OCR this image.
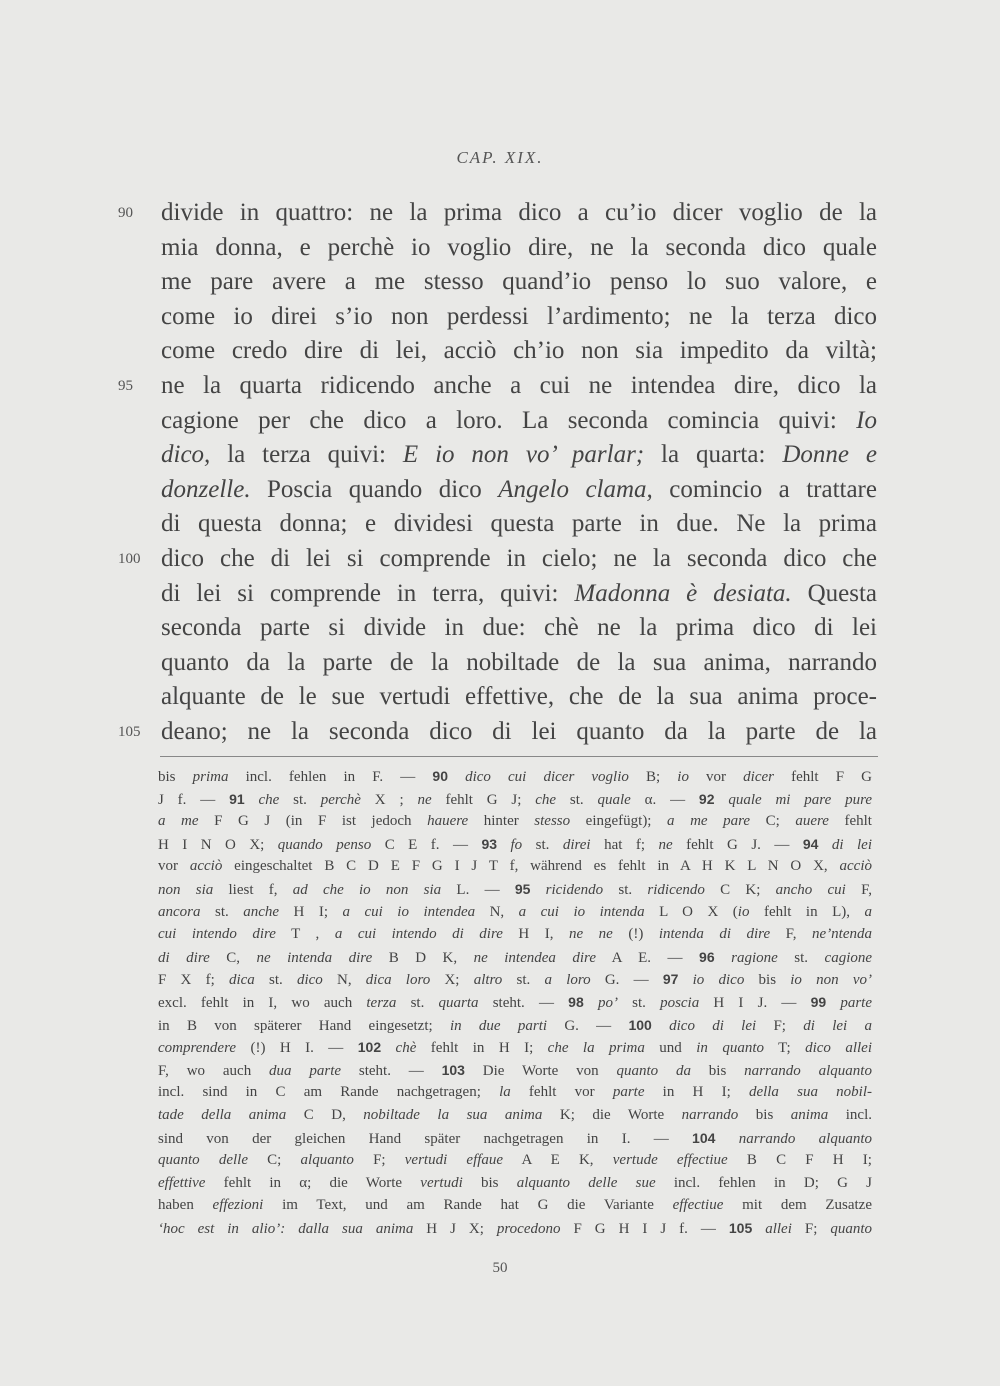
CAP. XIX.
divide in quattro: ne la prima dico a cu’io dicer voglio de la
mia donna, e perchè io voglio dire, ne la seconda dico quale
me pare avere a me stesso quand’io penso lo suo valore, e
come io direi s’io non perdessi l’ardimento; ne la terza dico
come credo dire di lei, acciò ch’io non sia impedito da viltà;
ne la quarta ridicendo anche a cui ne intendea dire, dico la
cagione per che dico a loro. La seconda comincia quivi: Io
dico, la terza quivi: E io non vo’ parlar; la quarta: Donne e
donzelle. Poscia quando dico Angelo clama, comincio a trattare
di questa donna; e dividesi questa parte in due. Ne la prima
dico che di lei si comprende in cielo; ne la seconda dico che
di lei si comprende in terra, quivi: Madonna è desiata. Questa
seconda parte si divide in due: chè ne la prima dico di lei
quanto da la parte de la nobiltade de la sua anima, narrando
alquante de le sue vertudi effettive, che de la sua anima proce-
deano; ne la seconda dico di lei quanto da la parte de la
90
95
100
105
bis prima incl. fehlen in F. — 90 dico cui dicer voglio B; io vor dicer fehlt F G
J f. — 91 che st. perchè X ; ne fehlt G J; che st. quale α. — 92 quale mi pare pure
a me F G J (in F ist jedoch hauere hinter stesso eingefügt); a me pare C; auere fehlt
H I N O X; quando penso C E f. — 93 fo st. direi hat f; ne fehlt G J. — 94 di lei
vor acciò eingeschaltet B C D E F G I J T f, während es fehlt in A H K L N O X, acciò
non sia liest f, ad che io non sia L. — 95 ricidendo st. ridicendo C K; ancho cui F,
ancora st. anche H I; a cui io intendea N, a cui io intenda L O X (io fehlt in L), a
cui intendo dire T , a cui intendo di dire H I, ne ne (!) intenda di dire F, ne’ntenda
di dire C, ne intenda dire B D K, ne intendea dire A E. — 96 ragione st. cagione
F X f; dica st. dico N, dica loro X; altro st. a loro G. — 97 io dico bis io non vo’
excl. fehlt in I, wo auch terza st. quarta steht. — 98 po’ st. poscia H I J. — 99 parte
in B von späterer Hand eingesetzt; in due parti G. — 100 dico di lei F; di lei a
comprendere (!) H I. — 102 chè fehlt in H I; che la prima und in quanto T; dico allei
F, wo auch dua parte steht. — 103 Die Worte von quanto da bis narrando alquanto
incl. sind in C am Rande nachgetragen; la fehlt vor parte in H I; della sua nobil-
tade della anima C D, nobiltade la sua anima K; die Worte narrando bis anima incl.
sind von der gleichen Hand später nachgetragen in I. — 104 narrando alquanto
quanto delle C; alquanto F; vertudi effaue A E K, vertude effectiue B C F H I;
effettive fehlt in α; die Worte vertudi bis alquanto delle sue incl. fehlen in D; G J
haben effezioni im Text, und am Rande hat G die Variante effectiue mit dem Zusatze
‘hoc est in alio’: dalla sua anima H J X; procedono F G H I J f. — 105 allei F; quanto
50
